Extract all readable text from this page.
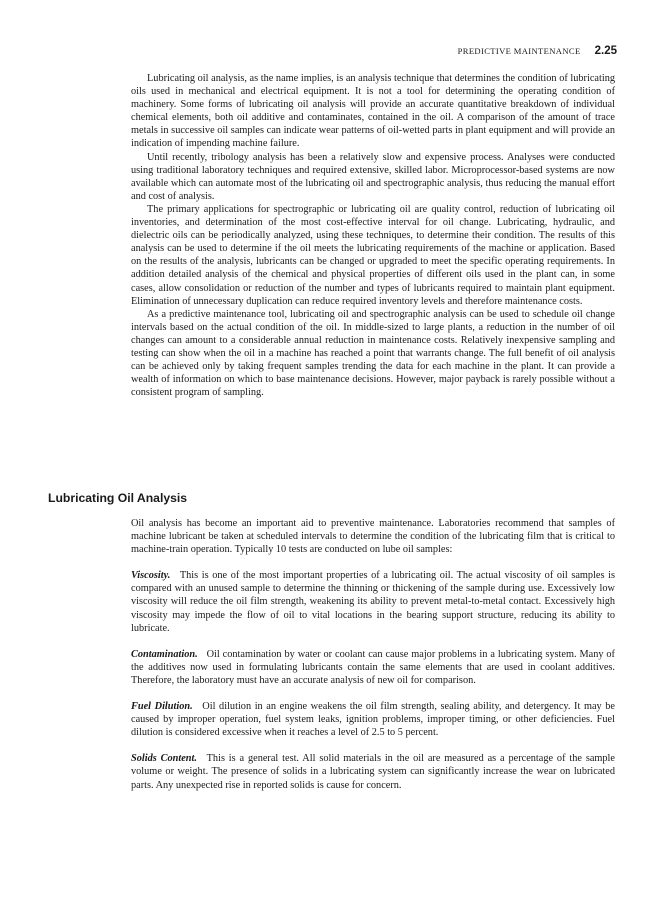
PREDICTIVE MAINTENANCE 2.25

Lubricating oil analysis, as the name implies, is an analysis technique that determines the condition of lubricating oils used in mechanical and electrical equipment. It is not a tool for determining the operating condition of machinery. Some forms of lubricating oil analysis will provide an accurate quantitative breakdown of individual chemical elements, both oil additive and contaminates, contained in the oil. A comparison of the amount of trace metals in successive oil samples can indicate wear patterns of oil-wetted parts in plant equipment and will provide an indication of impending machine failure.

Until recently, tribology analysis has been a relatively slow and expensive process. Analyses were conducted using traditional laboratory techniques and required extensive, skilled labor. Microprocessor-based systems are now available which can automate most of the lubricating oil and spectrographic analysis, thus reducing the manual effort and cost of analysis.

The primary applications for spectrographic or lubricating oil are quality control, reduction of lubricating oil inventories, and determination of the most cost-effective interval for oil change. Lubricating, hydraulic, and dielectric oils can be periodically analyzed, using these techniques, to determine their condition. The results of this analysis can be used to determine if the oil meets the lubricating requirements of the machine or application. Based on the results of the analysis, lubricants can be changed or upgraded to meet the specific operating requirements. In addition detailed analysis of the chemical and physical properties of different oils used in the plant can, in some cases, allow consolidation or reduction of the number and types of lubricants required to maintain plant equipment. Elimination of unnecessary duplication can reduce required inventory levels and therefore maintenance costs.

As a predictive maintenance tool, lubricating oil and spectrographic analysis can be used to schedule oil change intervals based on the actual condition of the oil. In middle-sized to large plants, a reduction in the number of oil changes can amount to a considerable annual reduction in maintenance costs. Relatively inexpensive sampling and testing can show when the oil in a machine has reached a point that warrants change. The full benefit of oil analysis can be achieved only by taking frequent samples trending the data for each machine in the plant. It can provide a wealth of information on which to base maintenance decisions. However, major payback is rarely possible without a consistent program of sampling.

Lubricating Oil Analysis

Oil analysis has become an important aid to preventive maintenance. Laboratories recommend that samples of machine lubricant be taken at scheduled intervals to determine the condition of the lubricating film that is critical to machine-train operation. Typically 10 tests are conducted on lube oil samples:

Viscosity. This is one of the most important properties of a lubricating oil. The actual viscosity of oil samples is compared with an unused sample to determine the thinning or thickening of the sample during use. Excessively low viscosity will reduce the oil film strength, weakening its ability to prevent metal-to-metal contact. Excessively high viscosity may impede the flow of oil to vital locations in the bearing support structure, reducing its ability to lubricate.

Contamination. Oil contamination by water or coolant can cause major problems in a lubricating system. Many of the additives now used in formulating lubricants contain the same elements that are used in coolant additives. Therefore, the laboratory must have an accurate analysis of new oil for comparison.

Fuel Dilution. Oil dilution in an engine weakens the oil film strength, sealing ability, and detergency. It may be caused by improper operation, fuel system leaks, ignition problems, improper timing, or other deficiencies. Fuel dilution is considered excessive when it reaches a level of 2.5 to 5 percent.

Solids Content. This is a general test. All solid materials in the oil are measured as a percentage of the sample volume or weight. The presence of solids in a lubricating system can significantly increase the wear on lubricated parts. Any unexpected rise in reported solids is cause for concern.
